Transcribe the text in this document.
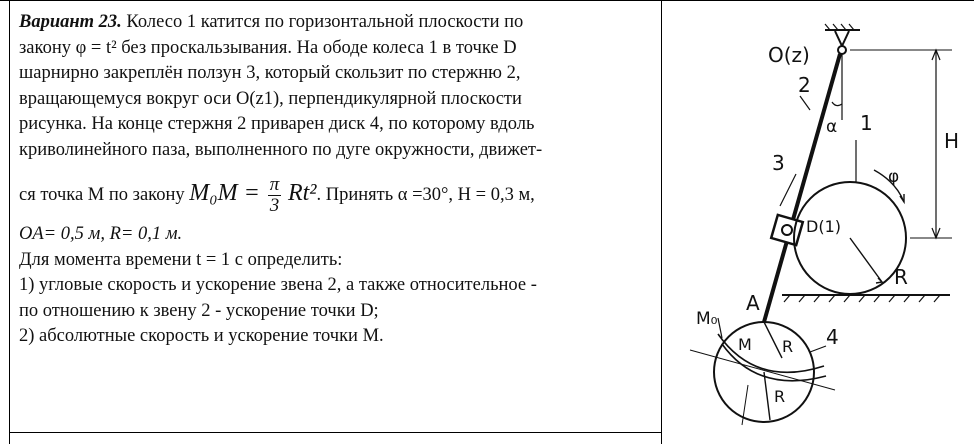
Вариант 23. Колесо 1 катится по горизонтальной плоскости по

закону φ = t² без проскальзывания. На ободе колеса 1 в точке D

шарнирно закреплён ползун 3, который скользит по стержню 2,

вращающемуся вокруг оси O(z1), перпендикулярной плоскости

рисунка. На конце стержня 2 приварен диск 4, по которому вдоль

криволинейного паза, выполненного по дуге окружности, движет-

ся точка M по закону $M_0M = \frac{\pi}{3} Rt^2$. Принять α =30°, H = 0,3 м,

OA= 0,5 м, R= 0,1 м.

Для момента времени t = 1 с определить:

1) угловые скорость и ускорение звена 2, а также относительное -

по отношению к звену 2 - ускорение точки D;

2) абсолютные скорость и ускорение точки M.

O(z)
2
1
3
α
H
φ
D(1)
R
A
M₀
M R
R
4
